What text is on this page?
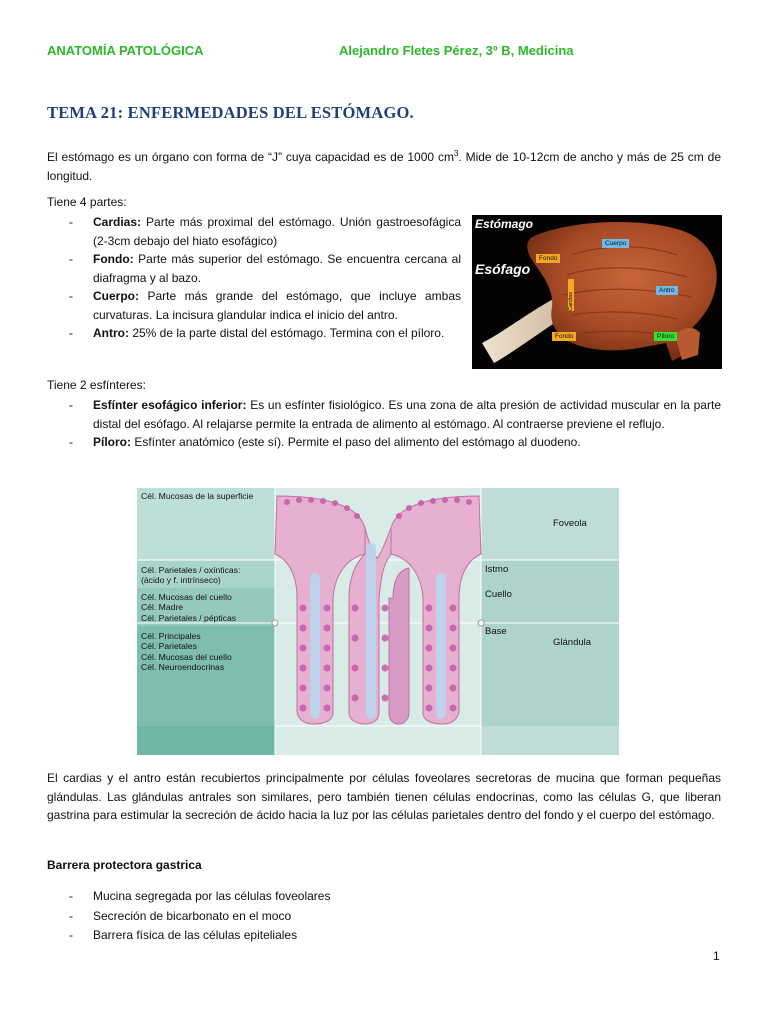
ANATOMÍA PATOLÓGICA	Alejandro Fletes Pérez, 3º B, Medicina
TEMA 21: ENFERMEDADES DEL ESTÓMAGO.
El estómago es un órgano con forma de “J” cuya capacidad es de 1000 $cm^3$. Mide de 10-12cm de ancho y más de 25 cm de longitud.
Tiene 4 partes:
- Cardias: Parte más proximal del estómago. Unión gastroesofágica (2-3cm debajo del hiato esofágico)
- Fondo: Parte más superior del estómago. Se encuentra cercana al diafragma y al bazo.
- Cuerpo: Parte más grande del estómago, que incluye ambas curvaturas. La incisura glandular indica el inicio del antro.
- Antro: 25% de la parte distal del estómago. Termina con el píloro.
Estómago
Esófago
Fondo
Cuerpo
Cardias
Antro
Fondo	Píloro
Tiene 2 esfínteres:
- Esfínter esofágico inferior: Es un esfínter fisiológico. Es una zona de alta presión de actividad muscular en la parte distal del esófago. Al relajarse permite la entrada de alimento al estómago. Al contraerse previene el reflujo.
- Píloro: Esfínter anatómico (este sí). Permite el paso del alimento del estómago al duodeno.
Cél. Mucosas de la superficie
Cél. Parietales / oxínticas:
(ácido y f. intrínseco)
Cél. Mucosas del cuello
Cél. Madre
Cél. Parietales / pépticas
Cél. Principales
Cél. Parietales
Cél. Mucosas del cuello
Cél. Neuroendocrinas
Istmo
Cuello
Base
Foveola
Glándula
El cardias y el antro están recubiertos principalmente por células foveolares secretoras de mucina que forman pequeñas glándulas. Las glándulas antrales son similares, pero también tienen células endocrinas, como las células G, que liberan gastrina para estimular la secreción de ácido hacia la luz por las células parietales dentro del fondo y el cuerpo del estómago.
Barrera protectora gastrica
- Mucina segregada por las células foveolares
- Secreción de bicarbonato en el moco
- Barrera física de las células epiteliales
1
